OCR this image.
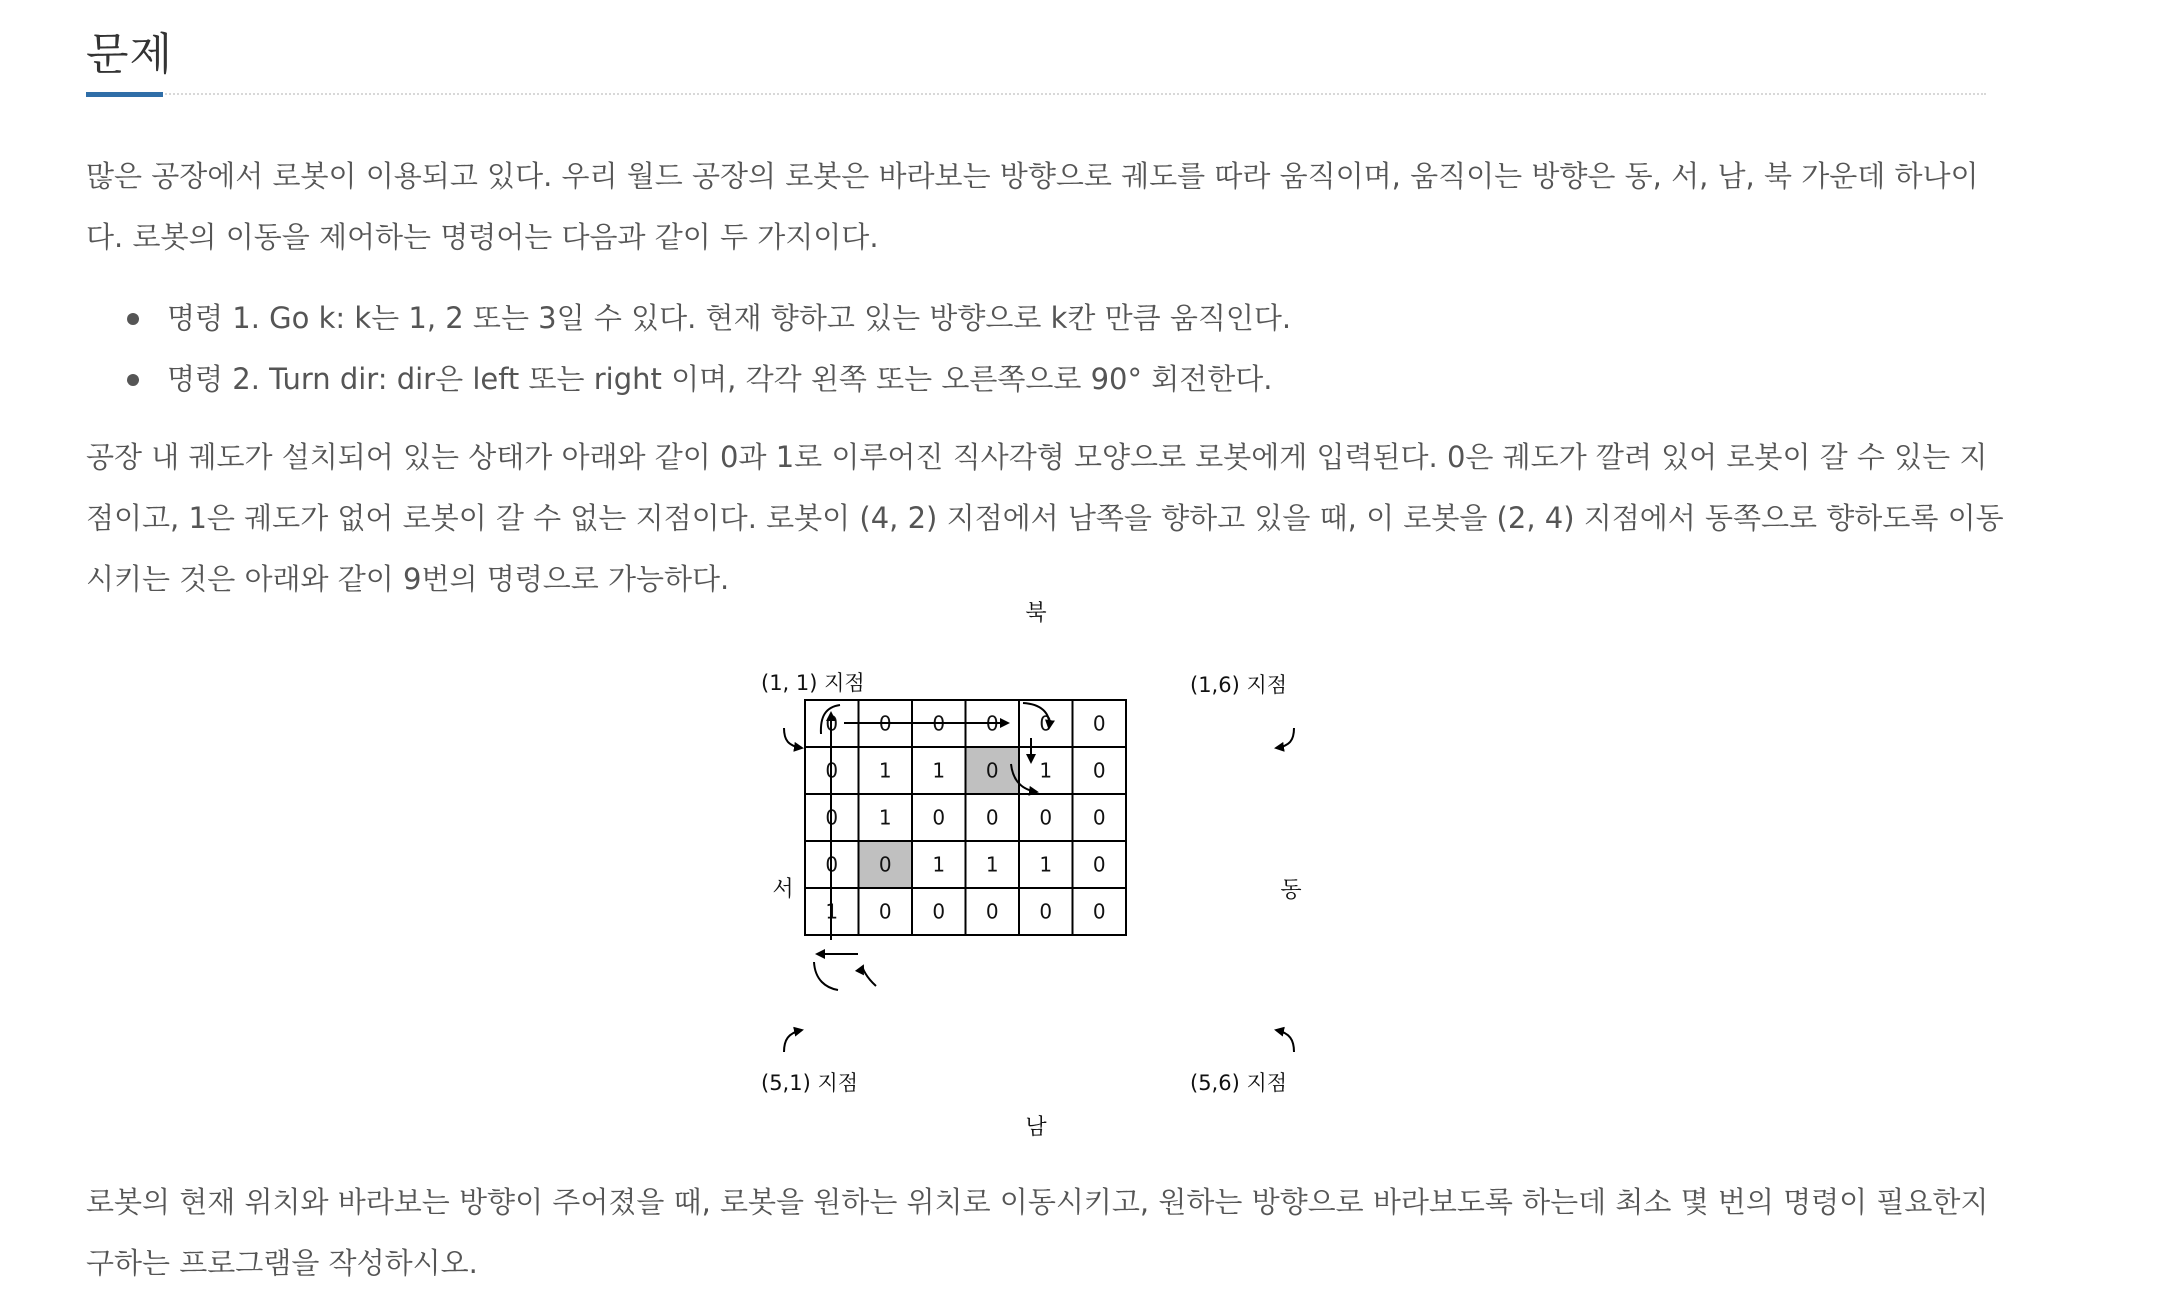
문제

많은 공장에서 로봇이 이용되고 있다. 우리 월드 공장의 로봇은 바라보는 방향으로 궤도를 따라 움직이며, 움직이는 방향은 동, 서, 남, 북 가운데 하나이다. 로봇의 이동을 제어하는 명령어는 다음과 같이 두 가지이다.

명령 1. Go k: k는 1, 2 또는 3일 수 있다. 현재 향하고 있는 방향으로 k칸 만큼 움직인다.
명령 2. Turn dir: dir은 left 또는 right 이며, 각각 왼쪽 또는 오른쪽으로 90° 회전한다.

공장 내 궤도가 설치되어 있는 상태가 아래와 같이 0과 1로 이루어진 직사각형 모양으로 로봇에게 입력된다. 0은 궤도가 깔려 있어 로봇이 갈 수 있는 지점이고, 1은 궤도가 없어 로봇이 갈 수 없는 지점이다. 로봇이 (4, 2) 지점에서 남쪽을 향하고 있을 때, 이 로봇을 (2, 4) 지점에서 동쪽으로 향하도록 이동시키는 것은 아래와 같이 9번의 명령으로 가능하다.

0 0 0 0 0 0
0 1 1 0 1 0
0 1 0 0 0 0
0 0 1 1 1 0
1 0 0 0 0 0
북
남
서	동
(1, 1) 지점	(1,6) 지점
(5,1) 지점	(5,6) 지점

로봇의 현재 위치와 바라보는 방향이 주어졌을 때, 로봇을 원하는 위치로 이동시키고, 원하는 방향으로 바라보도록 하는데 최소 몇 번의 명령이 필요한지 구하는 프로그램을 작성하시오.
